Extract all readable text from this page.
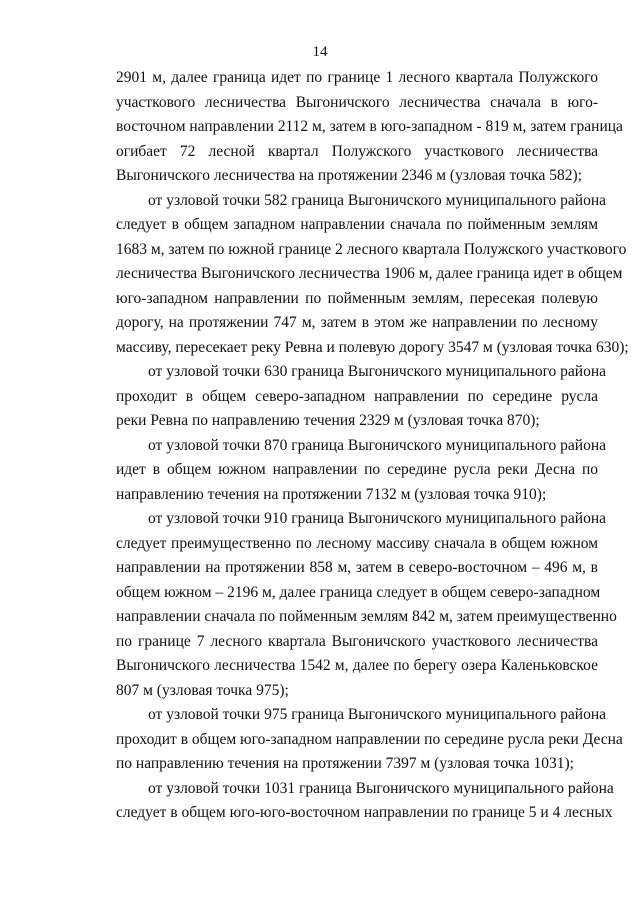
14

2901 м, далее граница идет по границе 1 лесного квартала Полужского
участкового лесничества Выгоничского лесничества сначала в юго-
восточном направлении 2112 м, затем в юго-западном - 819 м, затем граница
огибает 72 лесной квартал Полужского участкового лесничества
Выгоничского лесничества на протяжении 2346 м (узловая точка 582);

от узловой точки 582 граница Выгоничского муниципального района
следует в общем западном направлении сначала по пойменным землям
1683 м, затем по южной границе 2 лесного квартала Полужского участкового
лесничества Выгоничского лесничества 1906 м, далее граница идет в общем
юго-западном направлении по пойменным землям, пересекая полевую
дорогу, на протяжении 747 м, затем в этом же направлении по лесному
массиву, пересекает реку Ревна и полевую дорогу 3547 м (узловая точка 630);

от узловой точки 630 граница Выгоничского муниципального района
проходит в общем северо-западном направлении по середине русла
реки Ревна по направлению течения 2329 м (узловая точка 870);

от узловой точки 870 граница Выгоничского муниципального района
идет в общем южном направлении по середине русла реки Десна по
направлению течения на протяжении 7132 м (узловая точка 910);

от узловой точки 910 граница Выгоничского муниципального района
следует преимущественно по лесному массиву сначала в общем южном
направлении на протяжении 858 м, затем в северо-восточном – 496 м, в
общем южном – 2196 м, далее граница следует в общем северо-западном
направлении сначала по пойменным землям 842 м, затем преимущественно
по границе 7 лесного квартала Выгоничского участкового лесничества
Выгоничского лесничества 1542 м, далее по берегу озера Каленьковское
807 м (узловая точка 975);

от узловой точки 975 граница Выгоничского муниципального района
проходит в общем юго-западном направлении по середине русла реки Десна
по направлению течения на протяжении 7397 м (узловая точка 1031);

от узловой точки 1031 граница Выгоничского муниципального района
следует в общем юго-юго-восточном направлении по границе 5 и 4 лесных
